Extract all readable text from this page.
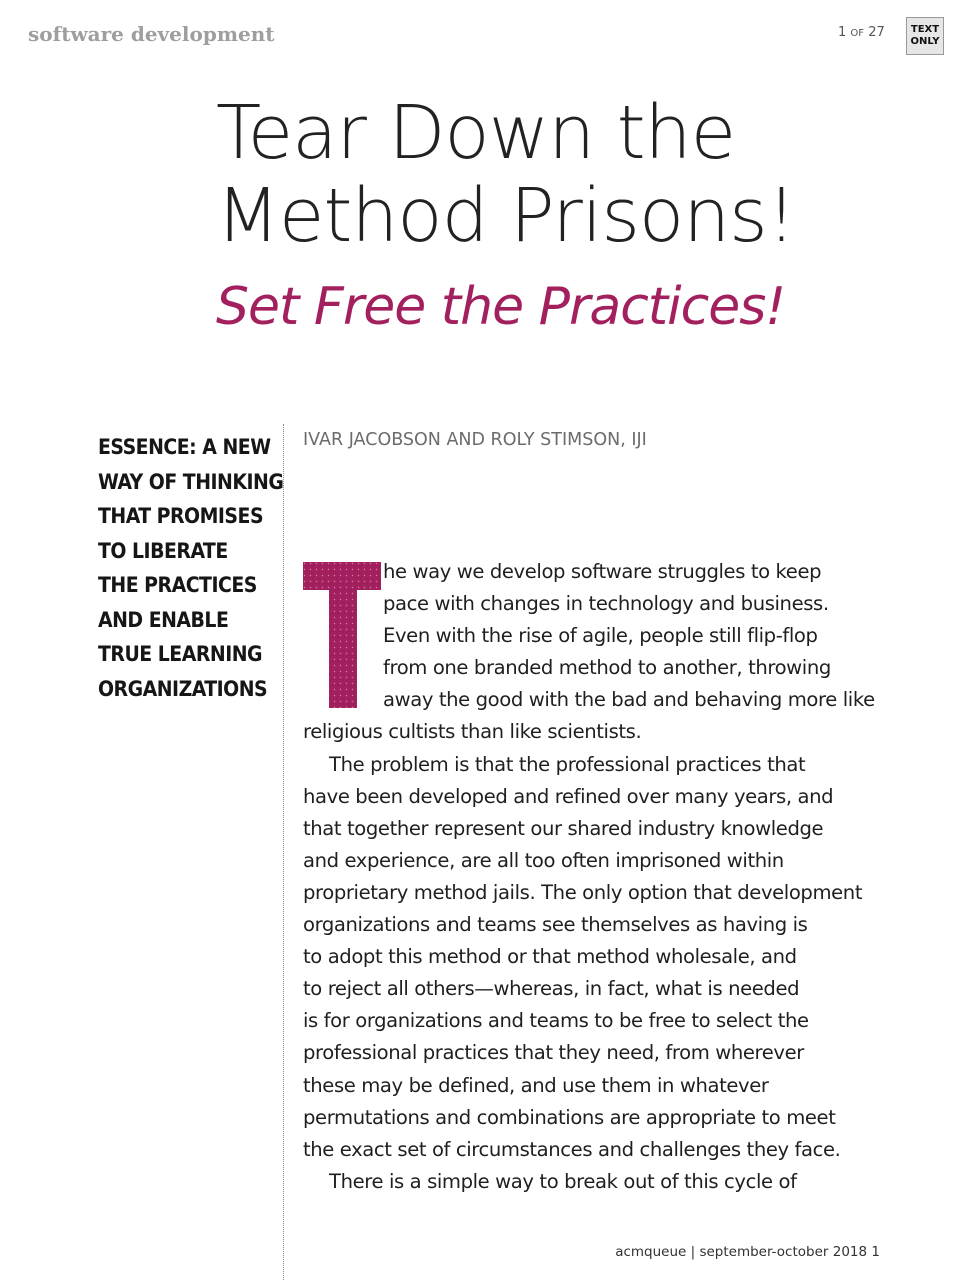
software development	1 OF 27	TEXT
ONLY
Tear Down the
Method Prisons!
Set Free the Practices!
ESSENCE: A NEW
WAY OF THINKING
THAT PROMISES
TO LIBERATE
THE PRACTICES
AND ENABLE
TRUE LEARNING
ORGANIZATIONS
IVAR JACOBSON AND ROLY STIMSON, IJI
he way we develop software struggles to keep
pace with changes in technology and business.
Even with the rise of agile, people still flip-flop
from one branded method to another, throwing
away the good with the bad and behaving more like
religious cultists than like scientists.
The problem is that the professional practices that
have been developed and refined over many years, and
that together represent our shared industry knowledge
and experience, are all too often imprisoned within
proprietary method jails. The only option that development
organizations and teams see themselves as having is
to adopt this method or that method wholesale, and
to reject all others—whereas, in fact, what is needed
is for organizations and teams to be free to select the
professional practices that they need, from wherever
these may be defined, and use them in whatever
permutations and combinations are appropriate to meet
the exact set of circumstances and challenges they face.
There is a simple way to break out of this cycle of
acmqueue | september-october 2018 1
